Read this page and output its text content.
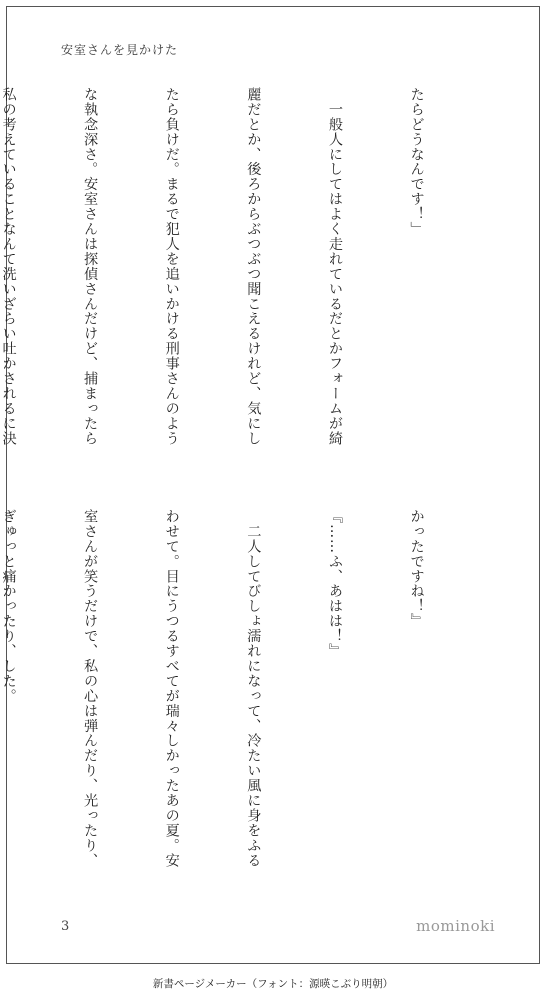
安室さんを見かけた

たらどうなんです！」

　一般人にしてはよく走れているだとかフォームが綺

麗だとか、後ろからぶつぶつ聞こえるけれど、気にし

たら負けだ。まるで犯人を追いかける刑事さんのよう

な執念深さ。安室さんは探偵さんだけど、捕まったら

私の考えていることなんて洗いざらい吐かされるに決

かったですね！』

『……ふ、あはは！』

　二人してびしょ濡れになって、冷たい風に身をふる

わせて。目にうつるすべてが瑞々しかったあの夏。安

室さんが笑うだけで、私の心は弾んだり、光ったり、

ぎゅっと痛かったり、した。

3	mominoki
新書ページメーカー（フォント：源暎こぶり明朝）
